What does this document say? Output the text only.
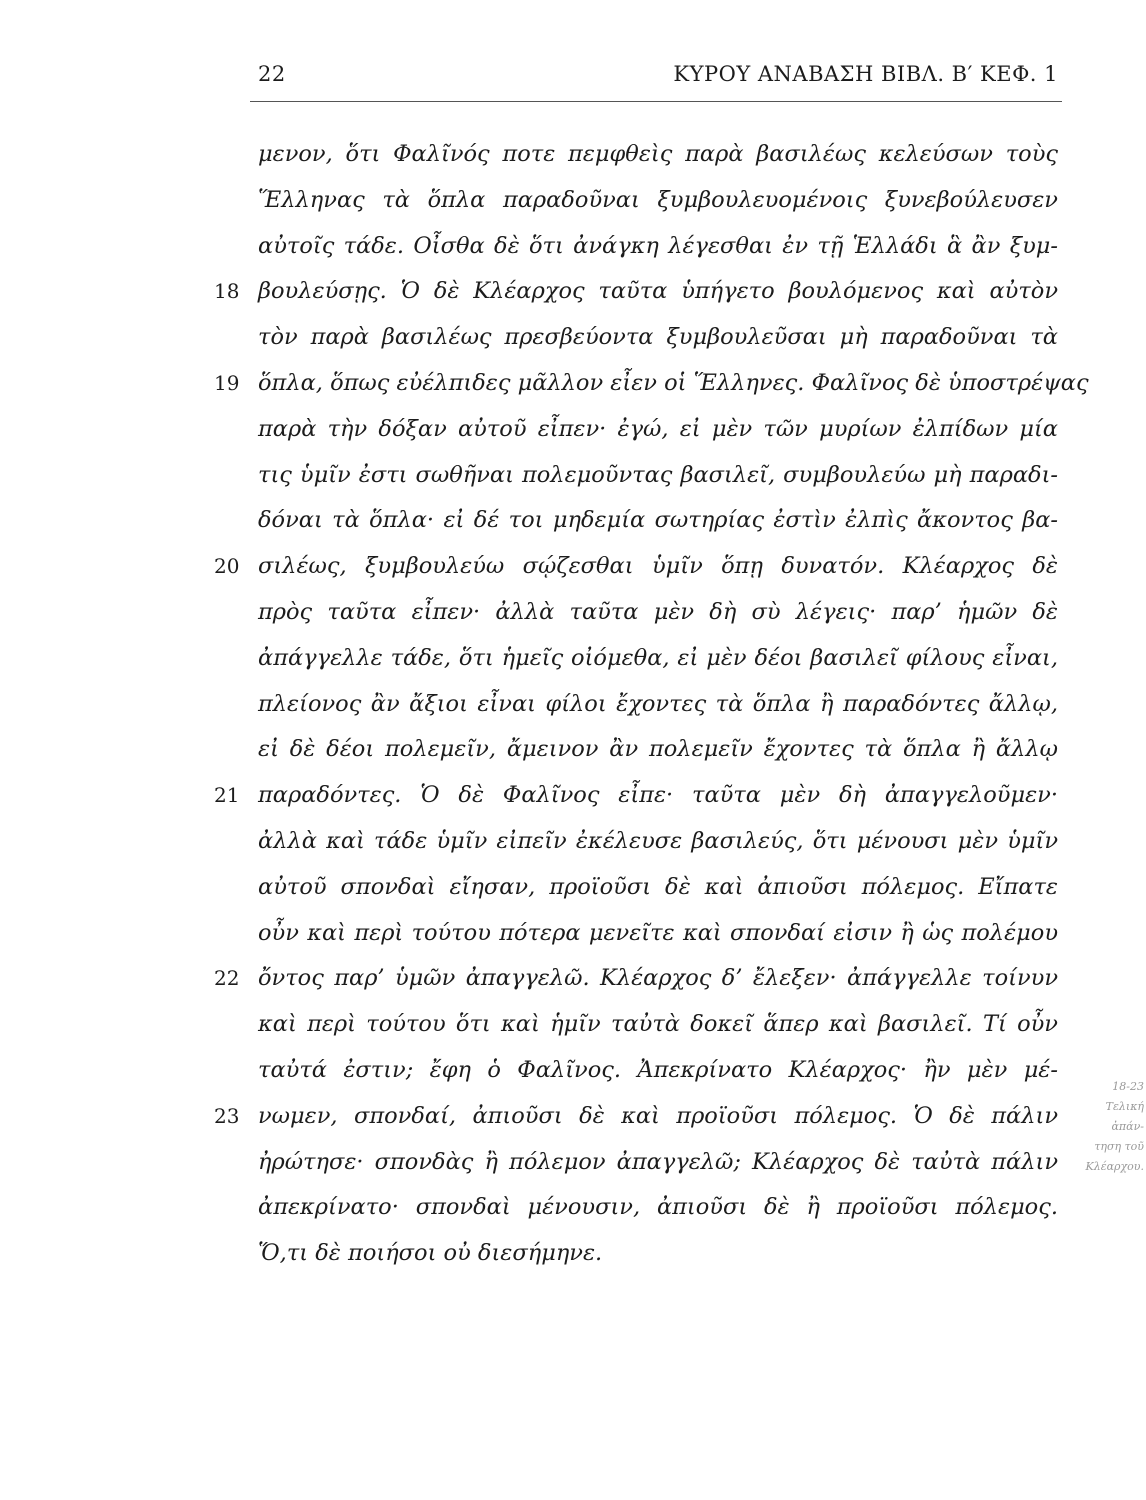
22	ΚΥΡΟΥ ΑΝΑΒΑΣΗ ΒΙΒΛ. Β′ ΚΕΦ. 1
μενον, ὅτι Φαλῖνός ποτε πεμφθεὶς παρὰ βασιλέως κελεύσων τοὺς
Ἕλληνας τὰ ὅπλα παραδοῦναι ξυμβουλευομένοις ξυνεβούλευσεν
αὐτοῖς τάδε. Οἶσθα δὲ ὅτι ἀνάγκη λέγεσθαι ἐν τῇ Ἑλλάδι ἃ ἂν ξυμ-
βουλεύσῃς. Ὁ δὲ Κλέαρχος ταῦτα ὑπήγετο βουλόμενος καὶ αὐτὸν
18
τὸν παρὰ βασιλέως πρεσβεύοντα ξυμβουλεῦσαι μὴ παραδοῦναι τὰ
ὅπλα, ὅπως εὐέλπιδες μᾶλλον εἶεν οἱ Ἕλληνες. Φαλῖνος δὲ ὑποστρέψας
19
παρὰ τὴν δόξαν αὐτοῦ εἶπεν· ἐγώ, εἰ μὲν τῶν μυρίων ἐλπίδων μία
τις ὑμῖν ἐστι σωθῆναι πολεμοῦντας βασιλεῖ, συμβουλεύω μὴ παραδι-
δόναι τὰ ὅπλα· εἰ δέ τοι μηδεμία σωτηρίας ἐστὶν ἐλπὶς ἄκοντος βα-
σιλέως, ξυμβουλεύω σῴζεσθαι ὑμῖν ὅπῃ δυνατόν. Κλέαρχος δὲ
20
πρὸς ταῦτα εἶπεν· ἀλλὰ ταῦτα μὲν δὴ σὺ λέγεις· παρ’ ἡμῶν δὲ
ἀπάγγελλε τάδε, ὅτι ἡμεῖς οἰόμεθα, εἰ μὲν δέοι βασιλεῖ φίλους εἶναι,
πλείονος ἂν ἄξιοι εἶναι φίλοι ἔχοντες τὰ ὅπλα ἢ παραδόντες ἄλλῳ,
εἰ δὲ δέοι πολεμεῖν, ἄμεινον ἂν πολεμεῖν ἔχοντες τὰ ὅπλα ἢ ἄλλῳ
παραδόντες. Ὁ δὲ Φαλῖνος εἶπε· ταῦτα μὲν δὴ ἀπαγγελοῦμεν·
21
ἀλλὰ καὶ τάδε ὑμῖν εἰπεῖν ἐκέλευσε βασιλεύς, ὅτι μένουσι μὲν ὑμῖν
αὐτοῦ σπονδαὶ εἴησαν, προϊοῦσι δὲ καὶ ἀπιοῦσι πόλεμος. Εἴπατε
οὖν καὶ περὶ τούτου πότερα μενεῖτε καὶ σπονδαί εἰσιν ἢ ὡς πολέμου
ὄντος παρ’ ὑμῶν ἀπαγγελῶ. Κλέαρχος δ’ ἔλεξεν· ἀπάγγελλε τοίνυν
22
καὶ περὶ τούτου ὅτι καὶ ἡμῖν ταὐτὰ δοκεῖ ἅπερ καὶ βασιλεῖ. Τί οὖν
ταὐτά ἐστιν; ἔφη ὁ Φαλῖνος. Ἀπεκρίνατο Κλέαρχος· ἢν μὲν μέ-
νωμεν, σπονδαί, ἀπιοῦσι δὲ καὶ προϊοῦσι πόλεμος. Ὁ δὲ πάλιν
23
ἠρώτησε· σπονδὰς ἢ πόλεμον ἀπαγγελῶ; Κλέαρχος δὲ ταὐτὰ πάλιν
ἀπεκρίνατο· σπονδαὶ μένουσιν, ἀπιοῦσι δὲ ἢ προϊοῦσι πόλεμος.
Ὅ,τι δὲ ποιήσοι οὐ διεσήμηνε.
18-23
Τελική ἀπάν-
τηση τοῦ
Κλέαρχου.
